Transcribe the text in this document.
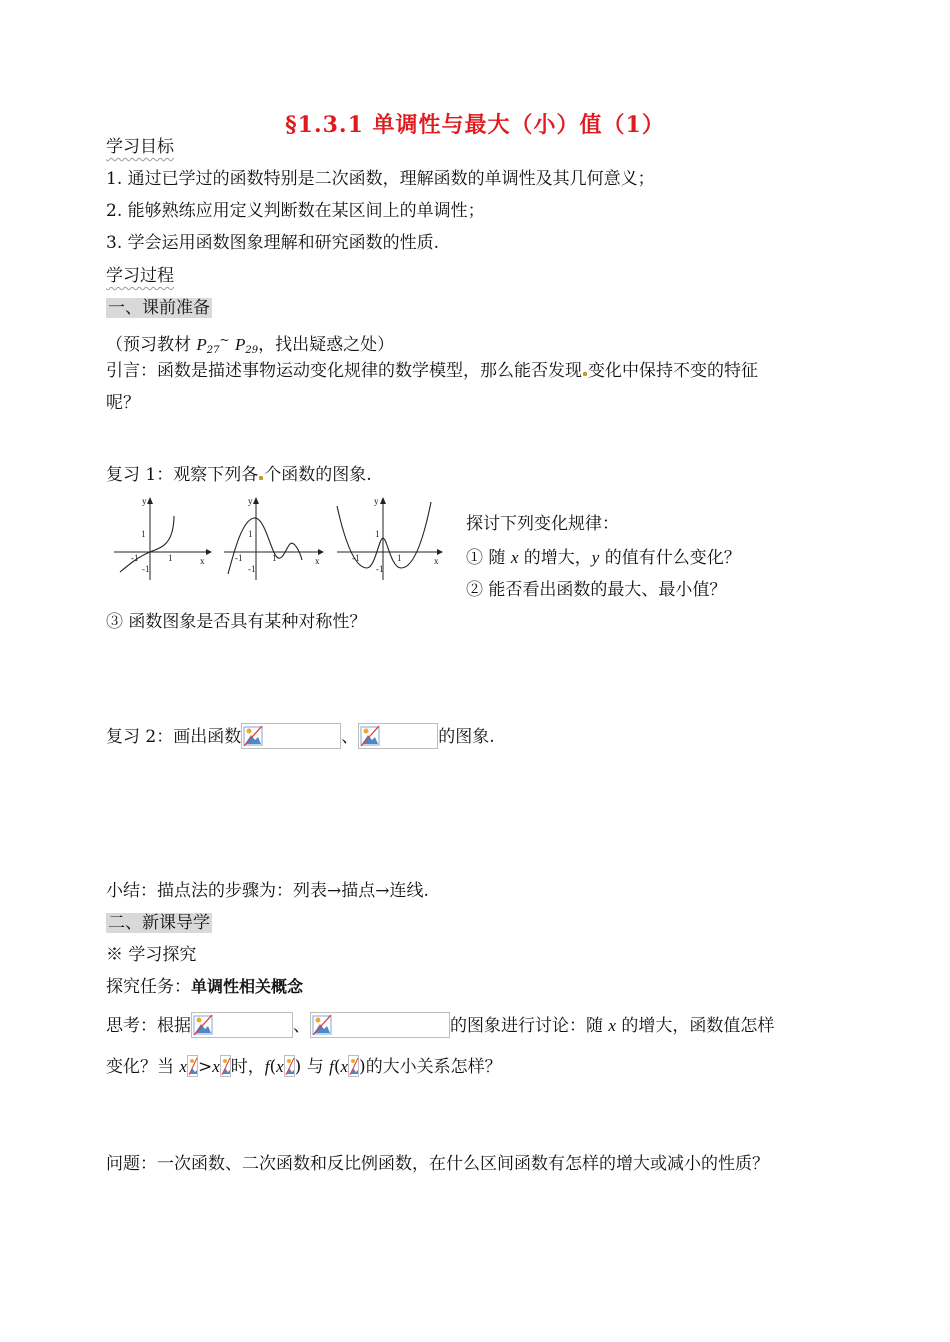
§1.3.1 单调性与最大（小）值（1）
学习目标
1. 通过已学过的函数特别是二次函数，理解函数的单调性及其几何意义；
2. 能够熟练应用定义判断数在某区间上的单调性；
3. 学会运用函数图象理解和研究函数的性质.
学习过程
一、课前准备
（预习教材 $P_{27}^\sim$ $P_{29}$，找出疑惑之处）
引言：函数是描述事物运动变化规律的数学模型，那么能否发现 变化中保持不变的特征
呢？
复习 1：观察下列各 个函数的图象.
y
x
1
-1	1
-1
y
x
1
-1	1
-1
y
x
1
-1	1
-1
探讨下列变化规律：
① 随 x 的增大，y 的值有什么变化？
② 能否看出函数的最大、最小值？
③ 函数图象是否具有某种对称性？
复习 2：画出函数	、	的图象.
小结：描点法的步骤为：列表→描点→连线.
二、新课导学
※ 学习探究
探究任务：单调性相关概念
思考：根据	、	的图象进行讨论：随 x 的增大，函数值怎样
变化？当 x >x 时，f(x ) 与 f(x )的大小关系怎样？
问题：一次函数、二次函数和反比例函数，在什么区间函数有怎样的增大或减小的性质？
